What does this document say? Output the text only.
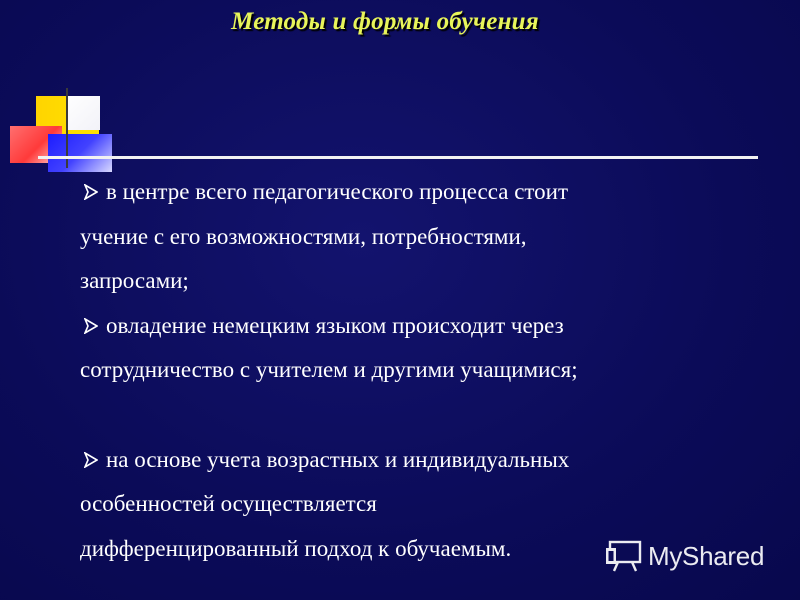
Методы и формы обучения
в центре всего педагогического процесса стоит
учение с его возможностями, потребностями,
запросами;
овладение немецким языком происходит через
сотрудничество с учителем и другими учащимися;
на основе учета возрастных и индивидуальных
особенностей осуществляется
дифференцированный подход к обучаемым.	MyShared
